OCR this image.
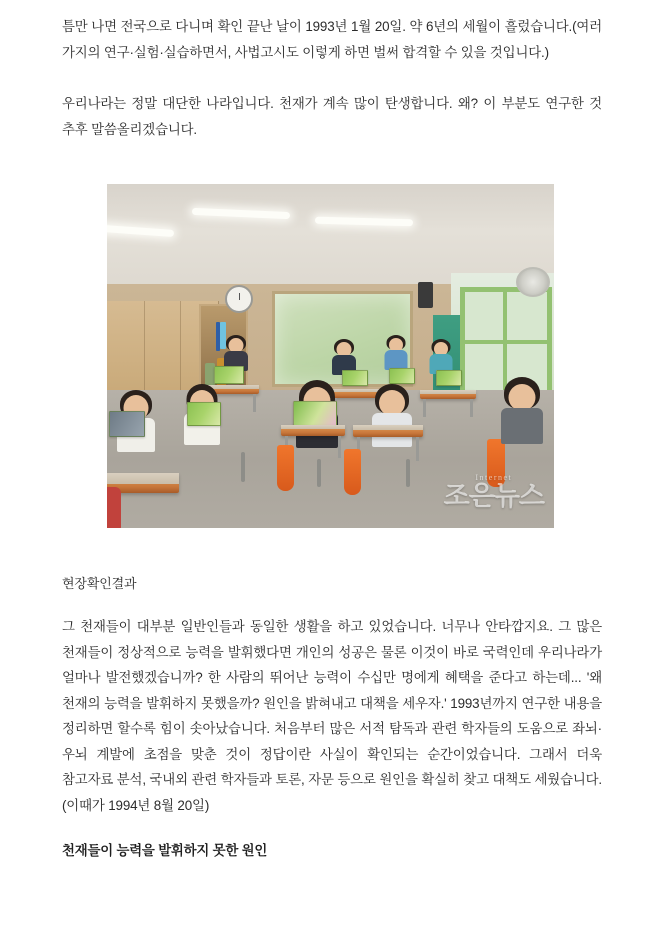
틈만 나면 전국으로 다니며 확인 끝난 날이 1993년 1월 20일. 약 6년의 세월이 흘렀습니다.(여러 가지의 연구·실험·실습하면서, 사법고시도 이렇게 하면 벌써 합격할 수 있을 것입니다.)

우리나라는 정말 대단한 나라입니다. 천재가 계속 많이 탄생합니다. 왜? 이 부분도 연구한 것 추후 말씀올리겠습니다.

Internet
조은뉴스
현장확인결과

그 천재들이 대부분 일반인들과 동일한 생활을 하고 있었습니다. 너무나 안타깝지요. 그 많은 천재들이 정상적으로 능력을 발휘했다면 개인의 성공은 물론 이것이 바로 국력인데 우리나라가 얼마나 발전했겠습니까? 한 사람의 뛰어난 능력이 수십만 명에게 혜택을 준다고 하는데... '왜 천재의 능력을 발휘하지 못했을까? 원인을 밝혀내고 대책을 세우자.' 1993년까지 연구한 내용을 정리하면 할수록 힘이 솟아났습니다. 처음부터 많은 서적 탐독과 관련 학자들의 도움으로 좌뇌·우뇌 계발에 초점을 맞춘 것이 정답이란 사실이 확인되는 순간이었습니다. 그래서 더욱 참고자료 분석, 국내외 관련 학자들과 토론, 자문 등으로 원인을 확실히 찾고 대책도 세웠습니다.(이때가 1994년 8월 20일)

천재들이 능력을 발휘하지 못한 원인
